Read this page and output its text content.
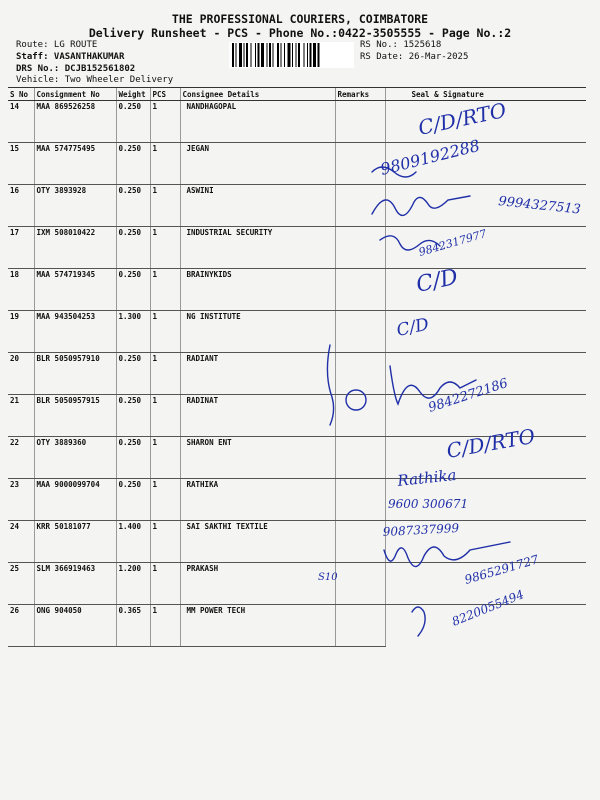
THE PROFESSIONAL COURIERS, COIMBATORE
Delivery Runsheet - PCS - Phone No.:0422-3505555 - Page No.:2
Route: LG ROUTE
Staff: VASANTHAKUMAR
DRS No.: DCJB152561802
Vehicle: Two Wheeler Delivery
RS No.: 1525618
RS Date: 26-Mar-2025
S No	Consignment No	Weight	PCS	Consignee Details	Remarks	Seal & Signature
14	MAA 869526258	0.250	1	NANDHAGOPAL		
15	MAA 574775495	0.250	1	JEGAN		
16	OTY 3893928	0.250	1	ASWINI		
17	IXM 508010422	0.250	1	INDUSTRIAL SECURITY		
18	MAA 574719345	0.250	1	BRAINYKIDS		
19	MAA 943504253	1.300	1	NG INSTITUTE		
20	BLR 5050957910	0.250	1	RADIANT		
21	BLR 5050957915	0.250	1	RADINAT		
22	OTY 3889360	0.250	1	SHARON ENT		
23	MAA 9000099704	0.250	1	RATHIKA		
24	KRR 50181077	1.400	1	SAI SAKTHI TEXTILE		
25	SLM 366919463	1.200	1	PRAKASH		
26	ONG 904050	0.365	1	MM POWER TECH		
C/D/RTO
9809192288
9994327513
9842317977
C/D
C/D
9842272186
C/D/RTO
Rathika
9600 300671
9087337999
9865291727
S10
8220055494
